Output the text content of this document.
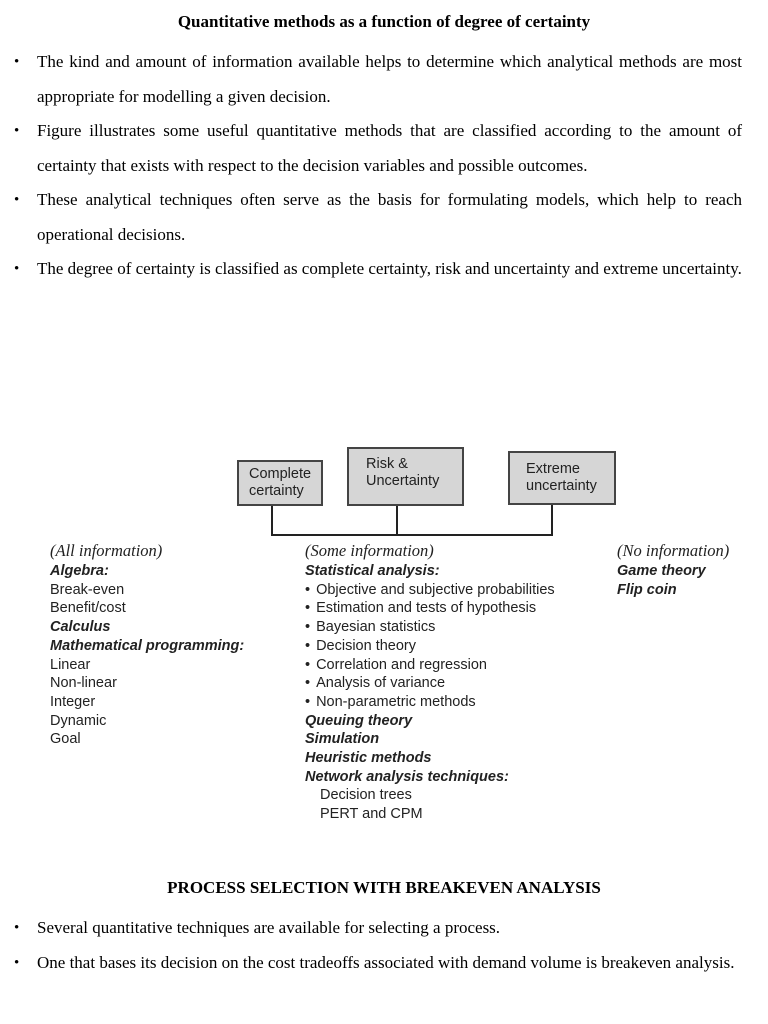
Quantitative methods as a function of degree of certainty
• The kind and amount of information available helps to determine which analytical methods are most appropriate for modelling a given decision.
• Figure illustrates some useful quantitative methods that are classified according to the amount of certainty that exists with respect to the decision variables and possible outcomes.
• These analytical techniques often serve as the basis for formulating models, which help to reach operational decisions.
• The degree of certainty is classified as complete certainty, risk and uncertainty and extreme uncertainty.
Complete
certainty
Risk &
Uncertainty
Extreme
uncertainty
(All information)
Algebra:
Break-even
Benefit/cost
Calculus
Mathematical programming:
Linear
Non-linear
Integer
Dynamic
Goal
(Some information)
Statistical analysis:
• Objective and subjective probabilities
• Estimation and tests of hypothesis
• Bayesian statistics
• Decision theory
• Correlation and regression
• Analysis of variance
• Non-parametric methods
Queuing theory
Simulation
Heuristic methods
Network analysis techniques:
Decision trees
PERT and CPM
(No information)
Game theory
Flip coin
PROCESS SELECTION WITH BREAKEVEN ANALYSIS
• Several quantitative techniques are available for selecting a process.
• One that bases its decision on the cost tradeoffs associated with demand volume is breakeven analysis.
